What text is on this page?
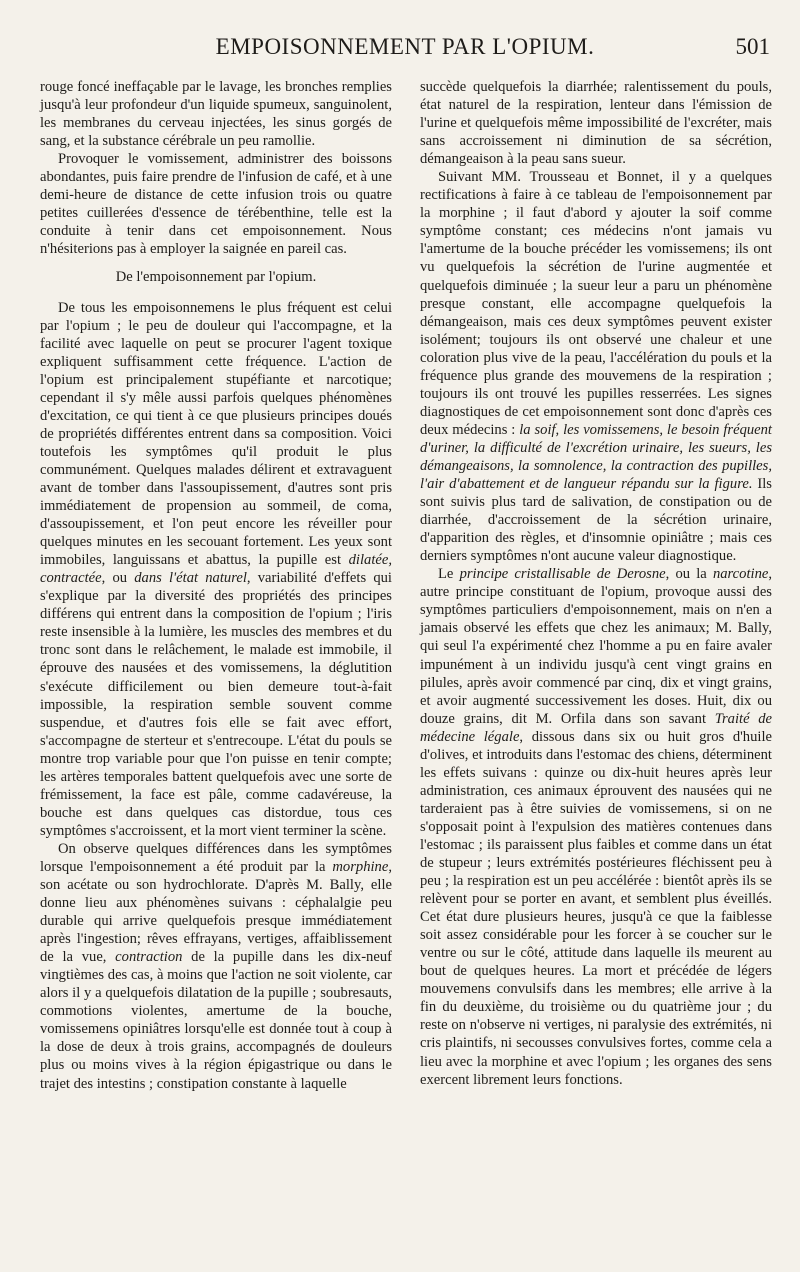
EMPOISONNEMENT PAR L'OPIUM.	501

rouge foncé ineffaçable par le lavage, les bronches remplies jusqu'à leur profondeur d'un liquide spumeux, sanguinolent, les membranes du cerveau injectées, les sinus gorgés de sang, et la substance cérébrale un peu ramollie.

Provoquer le vomissement, administrer des boissons abondantes, puis faire prendre de l'infusion de café, et à une demi-heure de distance de cette infusion trois ou quatre petites cuillerées d'essence de térébenthine, telle est la conduite à tenir dans cet empoisonnement. Nous n'hésiterions pas à employer la saignée en pareil cas.

De l'empoisonnement par l'opium.

De tous les empoisonnemens le plus fréquent est celui par l'opium ; le peu de douleur qui l'accompagne, et la facilité avec laquelle on peut se procurer l'agent toxique expliquent suffisamment cette fréquence. L'action de l'opium est principalement stupéfiante et narcotique; cependant il s'y mêle aussi parfois quelques phénomènes d'excitation, ce qui tient à ce que plusieurs principes doués de propriétés différentes entrent dans sa composition. Voici toutefois les symptômes qu'il produit le plus communément. Quelques malades délirent et extravaguent avant de tomber dans l'assoupissement, d'autres sont pris immédiatement de propension au sommeil, de coma, d'assoupissement, et l'on peut encore les réveiller pour quelques minutes en les secouant fortement. Les yeux sont immobiles, languissans et abattus, la pupille est dilatée, contractée, ou dans l'état naturel, variabilité d'effets qui s'explique par la diversité des propriétés des principes différens qui entrent dans la composition de l'opium ; l'iris reste insensible à la lumière, les muscles des membres et du tronc sont dans le relâchement, le malade est immobile, il éprouve des nausées et des vomissemens, la déglutition s'exécute difficilement ou bien demeure tout-à-fait impossible, la respiration semble souvent comme suspendue, et d'autres fois elle se fait avec effort, s'accompagne de sterteur et s'entrecoupe. L'état du pouls se montre trop variable pour que l'on puisse en tenir compte; les artères temporales battent quelquefois avec une sorte de frémissement, la face est pâle, comme cadavéreuse, la bouche est dans quelques cas distordue, tous ces symptômes s'accroissent, et la mort vient terminer la scène.

On observe quelques différences dans les symptômes lorsque l'empoisonnement a été produit par la morphine, son acétate ou son hydrochlorate. D'après M. Bally, elle donne lieu aux phénomènes suivans : céphalalgie peu durable qui arrive quelquefois presque immédiatement après l'ingestion; rêves effrayans, vertiges, affaiblissement de la vue, contraction de la pupille dans les dix-neuf vingtièmes des cas, à moins que l'action ne soit violente, car alors il y a quelquefois dilatation de la pupille ; soubresauts, commotions violentes, amertume de la bouche, vomissemens opiniâtres lorsqu'elle est donnée tout à coup à la dose de deux à trois grains, accompagnés de douleurs plus ou moins vives à la région épigastrique ou dans le trajet des intestins ; constipation constante à laquelle

succède quelquefois la diarrhée; ralentissement du pouls, état naturel de la respiration, lenteur dans l'émission de l'urine et quelquefois même impossibilité de l'excréter, mais sans accroissement ni diminution de sa sécrétion, démangeaison à la peau sans sueur.

Suivant MM. Trousseau et Bonnet, il y a quelques rectifications à faire à ce tableau de l'empoisonnement par la morphine ; il faut d'abord y ajouter la soif comme symptôme constant; ces médecins n'ont jamais vu l'amertume de la bouche précéder les vomissemens; ils ont vu quelquefois la sécrétion de l'urine augmentée et quelquefois diminuée ; la sueur leur a paru un phénomène presque constant, elle accompagne quelquefois la démangeaison, mais ces deux symptômes peuvent exister isolément; toujours ils ont observé une chaleur et une coloration plus vive de la peau, l'accélération du pouls et la fréquence plus grande des mouvemens de la respiration ; toujours ils ont trouvé les pupilles resserrées. Les signes diagnostiques de cet empoisonnement sont donc d'après ces deux médecins : la soif, les vomissemens, le besoin fréquent d'uriner, la difficulté de l'excrétion urinaire, les sueurs, les démangeaisons, la somnolence, la contraction des pupilles, l'air d'abattement et de langueur répandu sur la figure. Ils sont suivis plus tard de salivation, de constipation ou de diarrhée, d'accroissement de la sécrétion urinaire, d'apparition des règles, et d'insomnie opiniâtre ; mais ces derniers symptômes n'ont aucune valeur diagnostique.

Le principe cristallisable de Derosne, ou la narcotine, autre principe constituant de l'opium, provoque aussi des symptômes particuliers d'empoisonnement, mais on n'en a jamais observé les effets que chez les animaux; M. Bally, qui seul l'a expérimenté chez l'homme a pu en faire avaler impunément à un individu jusqu'à cent vingt grains en pilules, après avoir commencé par cinq, dix et vingt grains, et avoir augmenté successivement les doses. Huit, dix ou douze grains, dit M. Orfila dans son savant Traité de médecine légale, dissous dans six ou huit gros d'huile d'olives, et introduits dans l'estomac des chiens, déterminent les effets suivans : quinze ou dix-huit heures après leur administration, ces animaux éprouvent des nausées qui ne tarderaient pas à être suivies de vomissemens, si on ne s'opposait point à l'expulsion des matières contenues dans l'estomac ; ils paraissent plus faibles et comme dans un état de stupeur ; leurs extrémités postérieures fléchissent peu à peu ; la respiration est un peu accélérée : bientôt après ils se relèvent pour se porter en avant, et semblent plus éveillés. Cet état dure plusieurs heures, jusqu'à ce que la faiblesse soit assez considérable pour les forcer à se coucher sur le ventre ou sur le côté, attitude dans laquelle ils meurent au bout de quelques heures. La mort et précédée de légers mouvemens convulsifs dans les membres; elle arrive à la fin du deuxième, du troisième ou du quatrième jour ; du reste on n'observe ni vertiges, ni paralysie des extrémités, ni cris plaintifs, ni secousses convulsives fortes, comme cela a lieu avec la morphine et avec l'opium ; les organes des sens exercent librement leurs fonctions.
